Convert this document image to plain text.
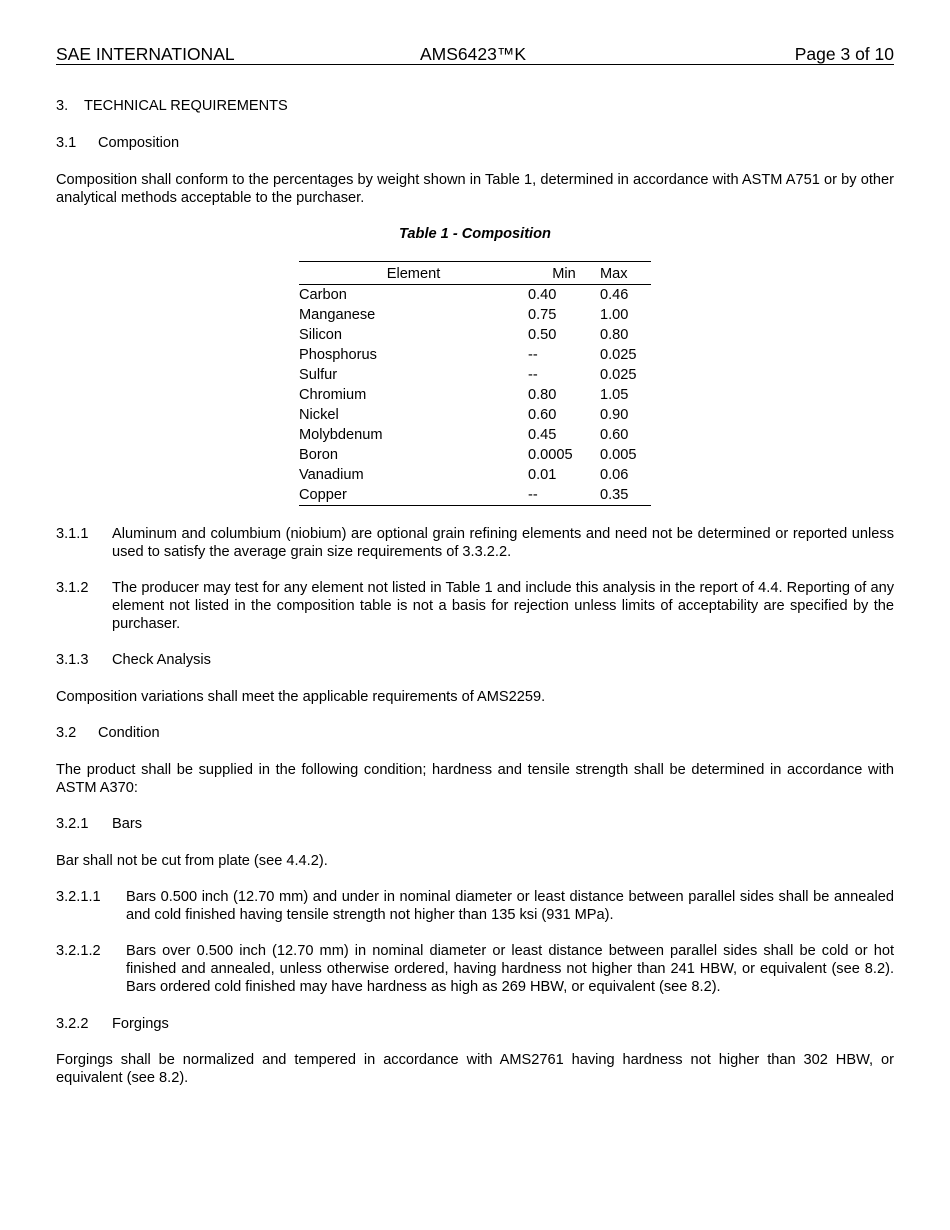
SAE INTERNATIONAL	AMS6423™K	Page 3 of 10
3. TECHNICAL REQUIREMENTS
3.1 Composition

Composition shall conform to the percentages by weight shown in Table 1, determined in accordance with ASTM A751 or by other analytical methods acceptable to the purchaser.

Table 1 - Composition
Element	Min	Max
Carbon	0.40	0.46
Manganese	0.75	1.00
Silicon	0.50	0.80
Phosphorus	--	0.025
Sulfur	--	0.025
Chromium	0.80	1.05
Nickel	0.60	0.90
Molybdenum	0.45	0.60
Boron	0.0005	0.005
Vanadium	0.01	0.06
Copper	--	0.35
3.1.1 Aluminum and columbium (niobium) are optional grain refining elements and need not be determined or reported unless used to satisfy the average grain size requirements of 3.3.2.2.
3.1.2 The producer may test for any element not listed in Table 1 and include this analysis in the report of 4.4. Reporting of any element not listed in the composition table is not a basis for rejection unless limits of acceptability are specified by the purchaser.
3.1.3 Check Analysis

Composition variations shall meet the applicable requirements of AMS2259.

3.2 Condition

The product shall be supplied in the following condition; hardness and tensile strength shall be determined in accordance with ASTM A370:

3.2.1 Bars

Bar shall not be cut from plate (see 4.4.2).

3.2.1.1 Bars 0.500 inch (12.70 mm) and under in nominal diameter or least distance between parallel sides shall be annealed and cold finished having tensile strength not higher than 135 ksi (931 MPa).
3.2.1.2 Bars over 0.500 inch (12.70 mm) in nominal diameter or least distance between parallel sides shall be cold or hot finished and annealed, unless otherwise ordered, having hardness not higher than 241 HBW, or equivalent (see 8.2). Bars ordered cold finished may have hardness as high as 269 HBW, or equivalent (see 8.2).
3.2.2 Forgings

Forgings shall be normalized and tempered in accordance with AMS2761 having hardness not higher than 302 HBW, or equivalent (see 8.2).
